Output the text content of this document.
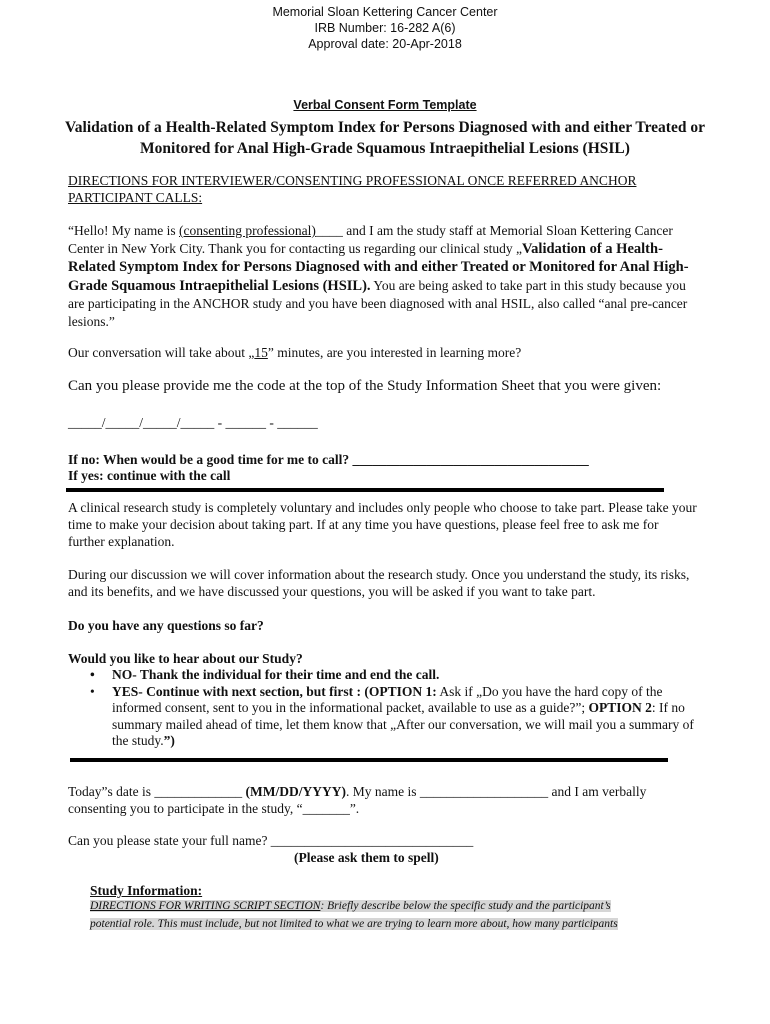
Memorial Sloan Kettering Cancer Center
IRB Number: 16-282 A(6)
Approval date: 20-Apr-2018
Verbal Consent Form Template
Validation of a Health-Related Symptom Index for Persons Diagnosed with and either Treated or
Monitored for Anal High-Grade Squamous Intraepithelial Lesions (HSIL)
DIRECTIONS FOR INTERVIEWER/CONSENTING PROFESSIONAL ONCE REFERRED ANCHOR
PARTICIPANT CALLS:
“Hello! My name is (consenting professional)____ and I am the study staff at Memorial Sloan Kettering Cancer Center in New York City. Thank you for contacting us regarding our clinical study „Validation of a Health-Related Symptom Index for Persons Diagnosed with and either Treated or Monitored for Anal High-Grade Squamous Intraepithelial Lesions (HSIL). You are being asked to take part in this study because you are participating in the ANCHOR study and you have been diagnosed with anal HSIL, also called “anal pre-cancer lesions.”
Our conversation will take about „15” minutes, are you interested in learning more?
Can you please provide me the code at the top of the Study Information Sheet that you were given:
_____/_____/_____/_____ - ______ - ______
If no: When would be a good time for me to call? ___________________________________
If yes: continue with the call
A clinical research study is completely voluntary and includes only people who choose to take part. Please take your time to make your decision about taking part. If at any time you have questions, please feel free to ask me for further explanation.
During our discussion we will cover information about the research study. Once you understand the study, its risks, and its benefits, and we have discussed your questions, you will be asked if you want to take part.
Do you have any questions so far?
Would you like to hear about our Study?
• NO- Thank the individual for their time and end the call.
• YES- Continue with next section, but first : (OPTION 1: Ask if „Do you have the hard copy of the informed consent, sent to you in the informational packet, available to use as a guide?”; OPTION 2: If no summary mailed ahead of time, let them know that „After our conversation, we will mail you a summary of the study.”)
Today”s date is _____________ (MM/DD/YYYY). My name is ___________________ and I am verbally consenting you to participate in the study, “_______”.
Can you please state your full name? ______________________________
(Please ask them to spell)
Study Information:
DIRECTIONS FOR WRITING SCRIPT SECTION: Briefly describe below the specific study and the participant’s
potential role. This must include, but not limited to what we are trying to learn more about, how many participants
